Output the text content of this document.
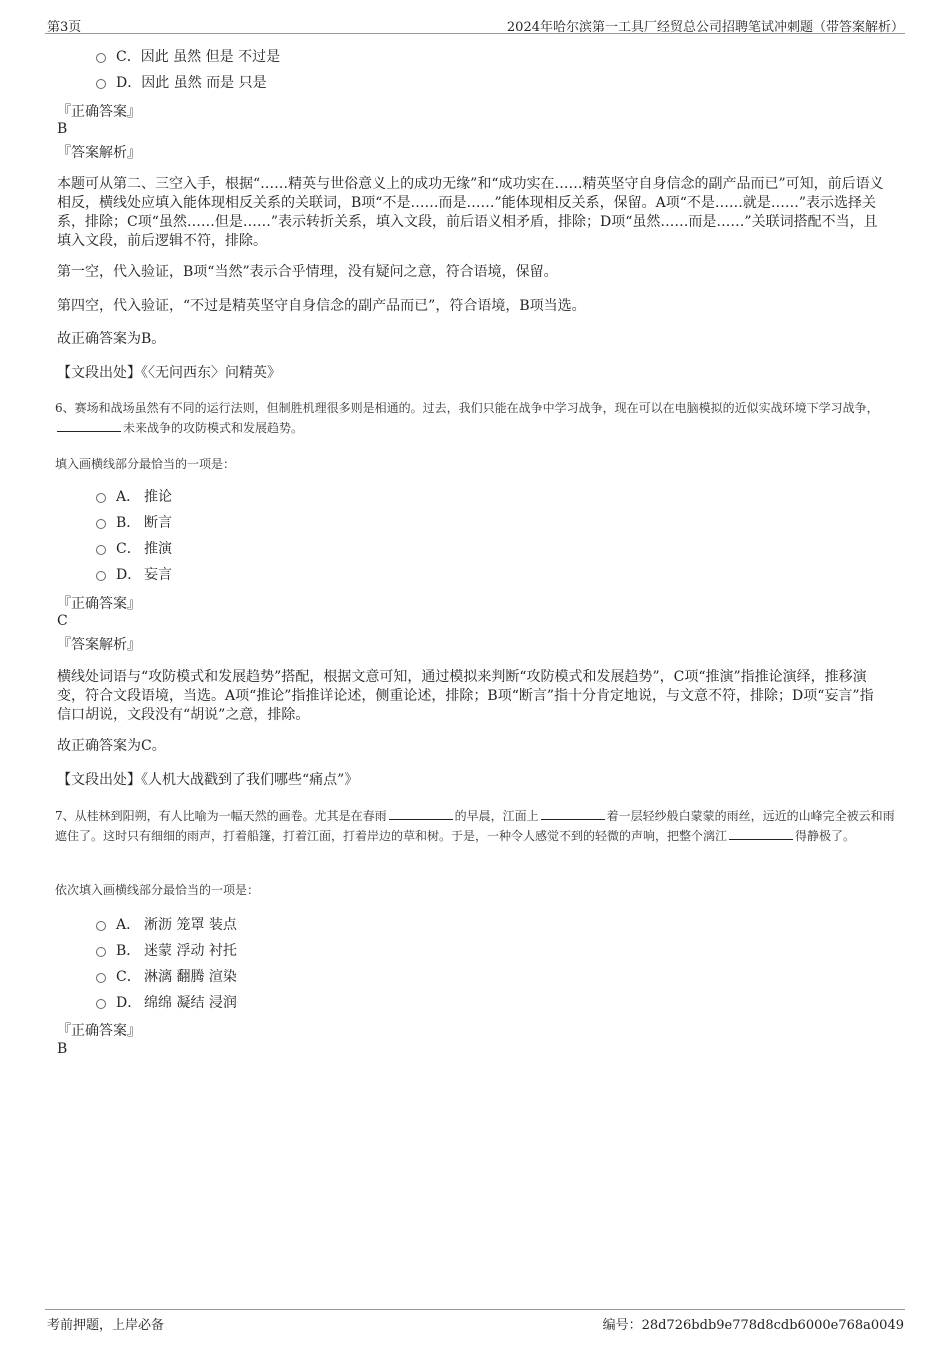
第3页	2024年哈尔滨第一工具厂经贸总公司招聘笔试冲刺题（带答案解析）
C．因此 虽然 但是 不过是
D．因此 虽然 而是 只是
『正确答案』
B
『答案解析』
本题可从第二、三空入手，根据“……精英与世俗意义上的成功无缘”和“成功实在……精英坚守自身信念的副产品而已”可知，前后语义相反，横线处应填入能体现相反关系的关联词，B项“不是……而是……”能体现相反关系，保留。A项“不是……就是……”表示选择关系，排除；C项“虽然……但是……”表示转折关系，填入文段，前后语义相矛盾，排除；D项“虽然……而是……”关联词搭配不当，且填入文段，前后逻辑不符，排除。
第一空，代入验证，B项“当然”表示合乎情理，没有疑问之意，符合语境，保留。
第四空，代入验证，“不过是精英坚守自身信念的副产品而已”，符合语境，B项当选。
故正确答案为B。
【文段出处】《〈无问西东〉问精英》
6、赛场和战场虽然有不同的运行法则，但制胜机理很多则是相通的。过去，我们只能在战争中学习战争，现在可以在电脑模拟的近似实战环境下学习战争，未来战争的攻防模式和发展趋势。
填入画横线部分最恰当的一项是：
A． 推论
B． 断言
C． 推演
D． 妄言
『正确答案』
C
『答案解析』
横线处词语与“攻防模式和发展趋势”搭配，根据文意可知，通过模拟来判断“攻防模式和发展趋势”，C项“推演”指推论演绎，推移演变，符合文段语境，当选。A项“推论”指推详论述，侧重论述，排除；B项“断言”指十分肯定地说，与文意不符，排除；D项“妄言”指信口胡说，文段没有“胡说”之意，排除。
故正确答案为C。
【文段出处】《人机大战戳到了我们哪些“痛点”》
7、从桂林到阳朔，有人比喻为一幅天然的画卷。尤其是在春雨	的早晨，江面上	着一层轻纱般白蒙蒙的雨丝，远近的山峰完全被云和雨遮住了。这时只有细细的雨声，打着船篷，打着江面，打着岸边的草和树。于是，一种令人感觉不到的轻微的声响，把整个漓江	得静极了。
依次填入画横线部分最恰当的一项是：
A． 淅沥 笼罩 装点
B． 迷蒙 浮动 衬托
C． 淋漓 翻腾 渲染
D． 绵绵 凝结 浸润
『正确答案』
B
考前押题，上岸必备	编号：28d726bdb9e778d8cdb6000e768a0049
